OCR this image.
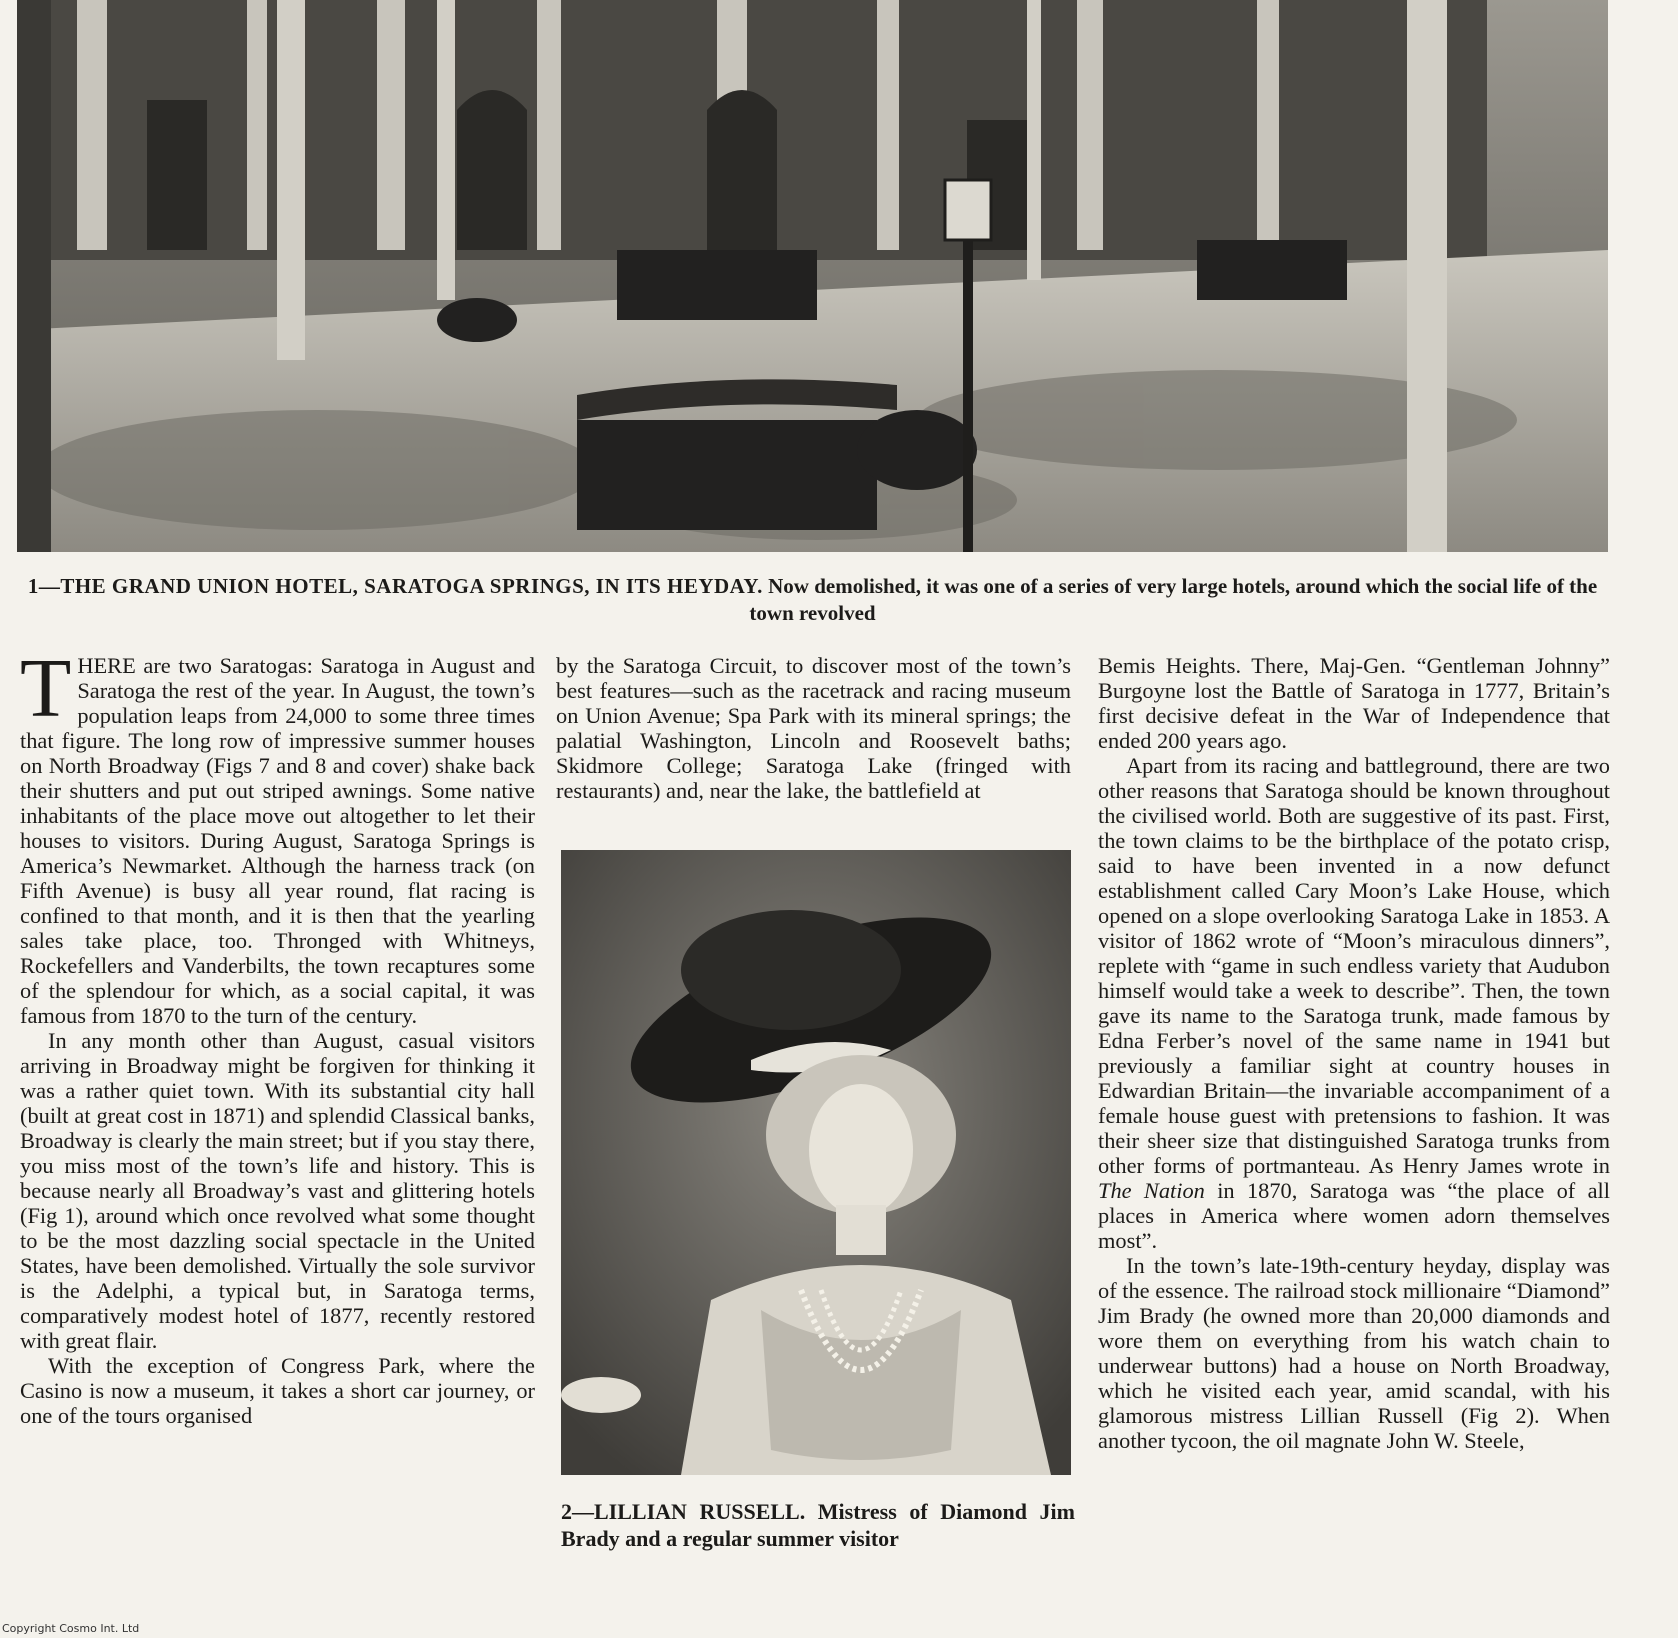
1—THE GRAND UNION HOTEL, SARATOGA SPRINGS, IN ITS HEYDAY. Now demolished, it was one of a series of very large hotels, around which the social life of the town revolved

THERE are two Saratogas: Saratoga in August and Saratoga the rest of the year. In August, the town’s population leaps from 24,000 to some three times that figure. The long row of impressive summer houses on North Broadway (Figs 7 and 8 and cover) shake back their shutters and put out striped awnings. Some native inhabitants of the place move out altogether to let their houses to visitors. During August, Saratoga Springs is America’s Newmarket. Although the harness track (on Fifth Avenue) is busy all year round, flat racing is confined to that month, and it is then that the yearling sales take place, too. Thronged with Whitneys, Rockefellers and Vanderbilts, the town recaptures some of the splendour for which, as a social capital, it was famous from 1870 to the turn of the century.

In any month other than August, casual visitors arriving in Broadway might be forgiven for thinking it was a rather quiet town. With its substantial city hall (built at great cost in 1871) and splendid Classical banks, Broadway is clearly the main street; but if you stay there, you miss most of the town’s life and history. This is because nearly all Broadway’s vast and glittering hotels (Fig 1), around which once revolved what some thought to be the most dazzling social spectacle in the United States, have been demolished. Virtually the sole survivor is the Adelphi, a typical but, in Saratoga terms, comparatively modest hotel of 1877, recently restored with great flair.

With the exception of Congress Park, where the Casino is now a museum, it takes a short car journey, or one of the tours organised

by the Saratoga Circuit, to discover most of the town’s best features—such as the racetrack and racing museum on Union Avenue; Spa Park with its mineral springs; the palatial Washington, Lincoln and Roosevelt baths; Skidmore College; Saratoga Lake (fringed with restaurants) and, near the lake, the battlefield at

2—LILLIAN RUSSELL. Mistress of Diamond Jim Brady and a regular summer visitor

Bemis Heights. There, Maj-Gen. “Gentleman Johnny” Burgoyne lost the Battle of Saratoga in 1777, Britain’s first decisive defeat in the War of Independence that ended 200 years ago.

Apart from its racing and battleground, there are two other reasons that Saratoga should be known throughout the civilised world. Both are suggestive of its past. First, the town claims to be the birthplace of the potato crisp, said to have been invented in a now defunct establishment called Cary Moon’s Lake House, which opened on a slope overlooking Saratoga Lake in 1853. A visitor of 1862 wrote of “Moon’s miraculous dinners”, replete with “game in such endless variety that Audubon himself would take a week to describe”. Then, the town gave its name to the Saratoga trunk, made famous by Edna Ferber’s novel of the same name in 1941 but previously a familiar sight at country houses in Edwardian Britain—the invariable accompaniment of a female house guest with pretensions to fashion. It was their sheer size that distinguished Saratoga trunks from other forms of portmanteau. As Henry James wrote in The Nation in 1870, Saratoga was “the place of all places in America where women adorn themselves most”.

In the town’s late-19th-century heyday, display was of the essence. The railroad stock millionaire “Diamond” Jim Brady (he owned more than 20,000 diamonds and wore them on everything from his watch chain to underwear buttons) had a house on North Broadway, which he visited each year, amid scandal, with his glamorous mistress Lillian Russell (Fig 2). When another tycoon, the oil magnate John W. Steele,

Copyright Cosmo Int. Ltd
